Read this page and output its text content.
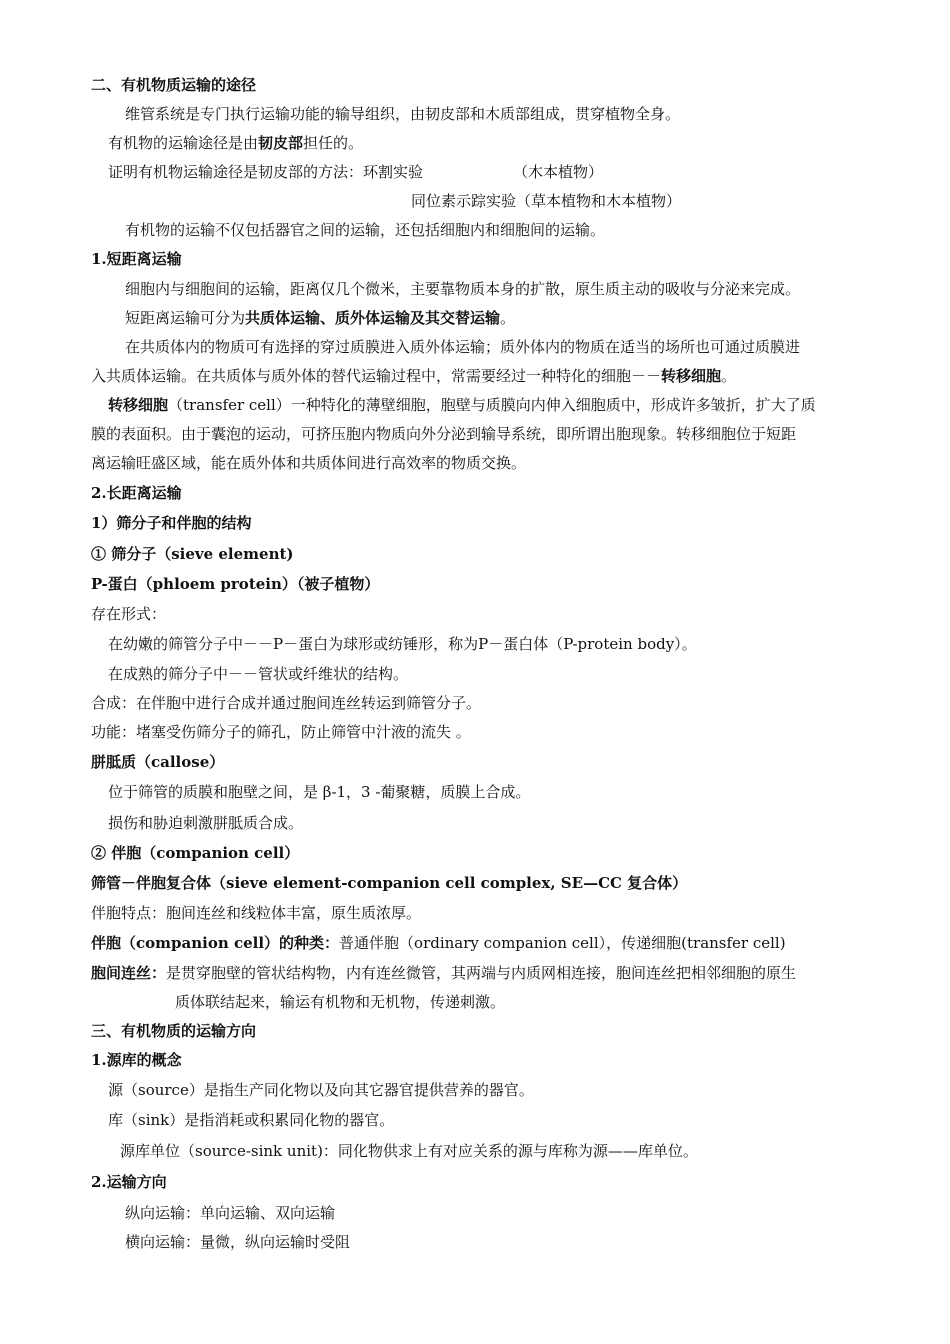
二、有机物质运输的途径
维管系统是专门执行运输功能的输导组织，由韧皮部和木质部组成，贯穿植物全身。
有机物的运输途径是由韧皮部担任的。
证明有机物运输途径是韧皮部的方法：环割实验	（木本植物）
同位素示踪实验（草本植物和木本植物）
有机物的运输不仅包括器官之间的运输，还包括细胞内和细胞间的运输。
1.短距离运输
细胞内与细胞间的运输，距离仅几个微米，主要靠物质本身的扩散，原生质主动的吸收与分泌来完成。
短距离运输可分为共质体运输、质外体运输及其交替运输。
在共质体内的物质可有选择的穿过质膜进入质外体运输；质外体内的物质在适当的场所也可通过质膜进
入共质体运输。在共质体与质外体的替代运输过程中，常需要经过一种特化的细胞－－转移细胞。
转移细胞（transfer cell）一种特化的薄壁细胞，胞壁与质膜向内伸入细胞质中，形成许多皱折，扩大了质
膜的表面积。由于囊泡的运动，可挤压胞内物质向外分泌到输导系统，即所谓出胞现象。转移细胞位于短距
离运输旺盛区域，能在质外体和共质体间进行高效率的物质交换。
2.长距离运输
1）筛分子和伴胞的结构
① 筛分子（sieve element)
P-蛋白（phloem protein）（被子植物）
存在形式：
在幼嫩的筛管分子中－－P－蛋白为球形或纺锤形，称为P－蛋白体（P-protein body）。
在成熟的筛分子中－－管状或纤维状的结构。
合成：在伴胞中进行合成并通过胞间连丝转运到筛管分子。
功能：堵塞受伤筛分子的筛孔，防止筛管中汁液的流失 。
胼胝质（callose）
位于筛管的质膜和胞壁之间，是 β-1，3 -葡聚糖，质膜上合成。
损伤和胁迫刺激胼胝质合成。
② 伴胞（companion cell）
筛管－伴胞复合体（sieve element-companion cell complex, SE—CC 复合体）
伴胞特点：胞间连丝和线粒体丰富，原生质浓厚。
伴胞（companion cell）的种类：普通伴胞（ordinary companion cell），传递细胞(transfer cell)
胞间连丝：是贯穿胞壁的管状结构物，内有连丝微管，其两端与内质网相连接，胞间连丝把相邻细胞的原生
质体联结起来，输运有机物和无机物，传递刺激。
三、有机物质的运输方向
1.源库的概念
源（source）是指生产同化物以及向其它器官提供营养的器官。
库（sink）是指消耗或积累同化物的器官。
源库单位（source-sink unit)：同化物供求上有对应关系的源与库称为源——库单位。
2.运输方向
纵向运输：单向运输、双向运输
横向运输：量微，纵向运输时受阻
